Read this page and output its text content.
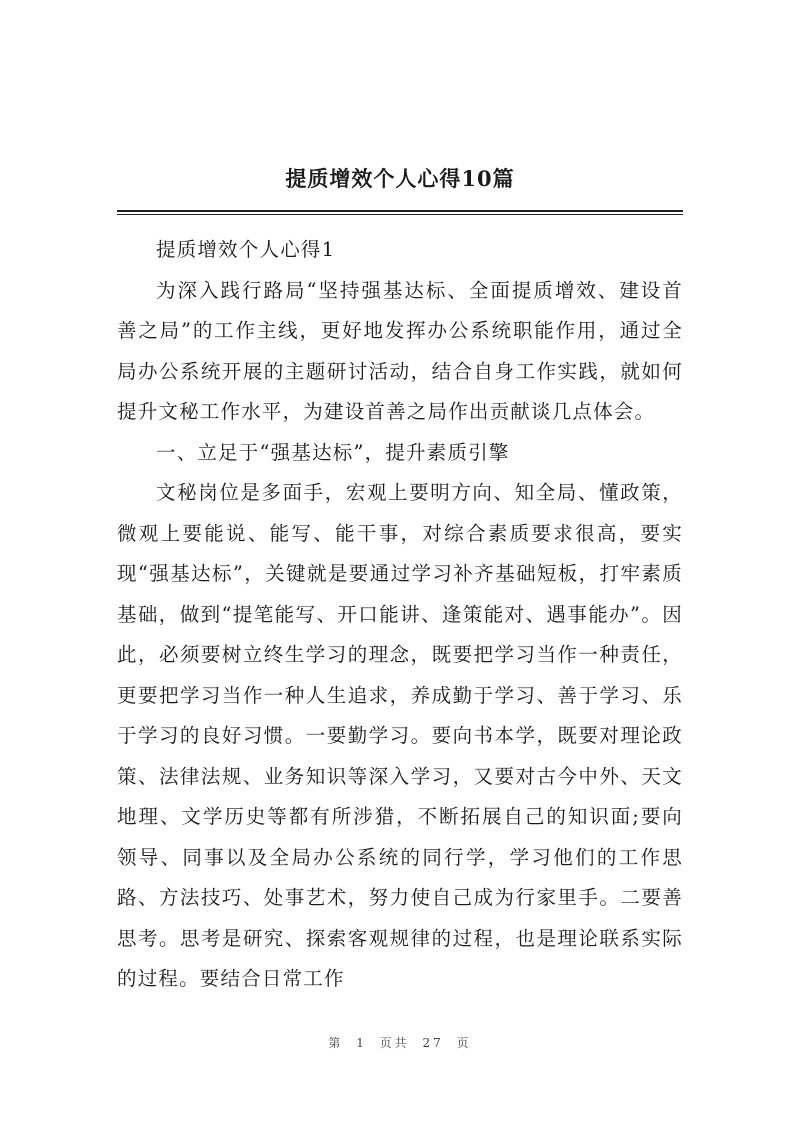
提质增效个人心得10篇

提质增效个人心得1

为深入践行路局“坚持强基达标、全面提质增效、建设首善之局”的工作主线，更好地发挥办公系统职能作用，通过全局办公系统开展的主题研讨活动，结合自身工作实践，就如何提升文秘工作水平，为建设首善之局作出贡献谈几点体会。

一、立足于“强基达标”，提升素质引擎

文秘岗位是多面手，宏观上要明方向、知全局、懂政策，微观上要能说、能写、能干事，对综合素质要求很高，要实现“强基达标”，关键就是要通过学习补齐基础短板，打牢素质基础，做到“提笔能写、开口能讲、逢策能对、遇事能办”。因此，必须要树立终生学习的理念，既要把学习当作一种责任，更要把学习当作一种人生追求，养成勤于学习、善于学习、乐于学习的良好习惯。一要勤学习。要向书本学，既要对理论政策、法律法规、业务知识等深入学习，又要对古今中外、天文地理、文学历史等都有所涉猎，不断拓展自己的知识面;要向领导、同事以及全局办公系统的同行学，学习他们的工作思路、方法技巧、处事艺术，努力使自己成为行家里手。二要善思考。思考是研究、探索客观规律的过程，也是理论联系实际的过程。要结合日常工作

第 1 页共 27 页
